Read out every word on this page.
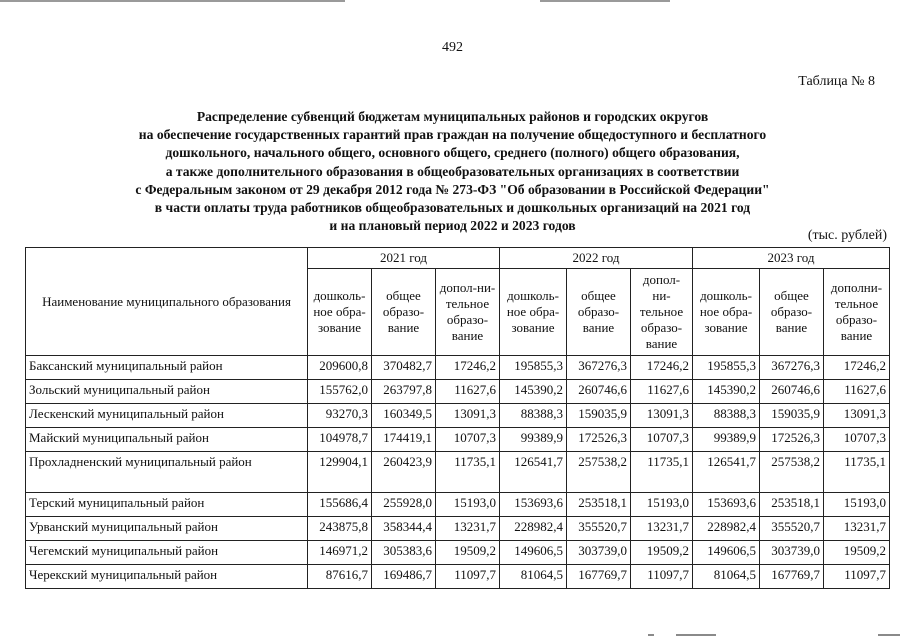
492
Таблица № 8
Распределение субвенций бюджетам муниципальных районов и городских округов
на обеспечение государственных гарантий прав граждан на получение общедоступного и бесплатного
дошкольного, начального общего, основного общего, среднего (полного) общего образования,
а также дополнительного образования в общеобразовательных организациях в соответствии
с Федеральным законом от 29 декабря 2012 года № 273-ФЗ "Об образовании в Российской Федерации"
в части оплаты труда работников общеобразовательных и дошкольных организаций на 2021 год
и на плановый период 2022 и 2023 годов
(тыс. рублей)
Наименование муниципального образования	2021 год			2022 год			2023 год		
	дошколь-ное обра-зование	общее образо-вание	допол-ни-тельное образо-вание	дошколь-ное обра-зование	общее образо-вание	допол-ни-тельное образо-вание	дошколь-ное обра-зование	общее образо-вание	дополни-тельное образо-вание
Баксанский муниципальный район	209600,8	370482,7	17246,2	195855,3	367276,3	17246,2	195855,3	367276,3	17246,2
Зольский муниципальный район	155762,0	263797,8	11627,6	145390,2	260746,6	11627,6	145390,2	260746,6	11627,6
Лескенский муниципальный район	93270,3	160349,5	13091,3	88388,3	159035,9	13091,3	88388,3	159035,9	13091,3
Майский муниципальный район	104978,7	174419,1	10707,3	99389,9	172526,3	10707,3	99389,9	172526,3	10707,3
Прохладненский муниципальный район	129904,1	260423,9	11735,1	126541,7	257538,2	11735,1	126541,7	257538,2	11735,1
Терский муниципальный район	155686,4	255928,0	15193,0	153693,6	253518,1	15193,0	153693,6	253518,1	15193,0
Урванский муниципальный район	243875,8	358344,4	13231,7	228982,4	355520,7	13231,7	228982,4	355520,7	13231,7
Чегемский муниципальный район	146971,2	305383,6	19509,2	149606,5	303739,0	19509,2	149606,5	303739,0	19509,2
Черекский муниципальный район	87616,7	169486,7	11097,7	81064,5	167769,7	11097,7	81064,5	167769,7	11097,7
